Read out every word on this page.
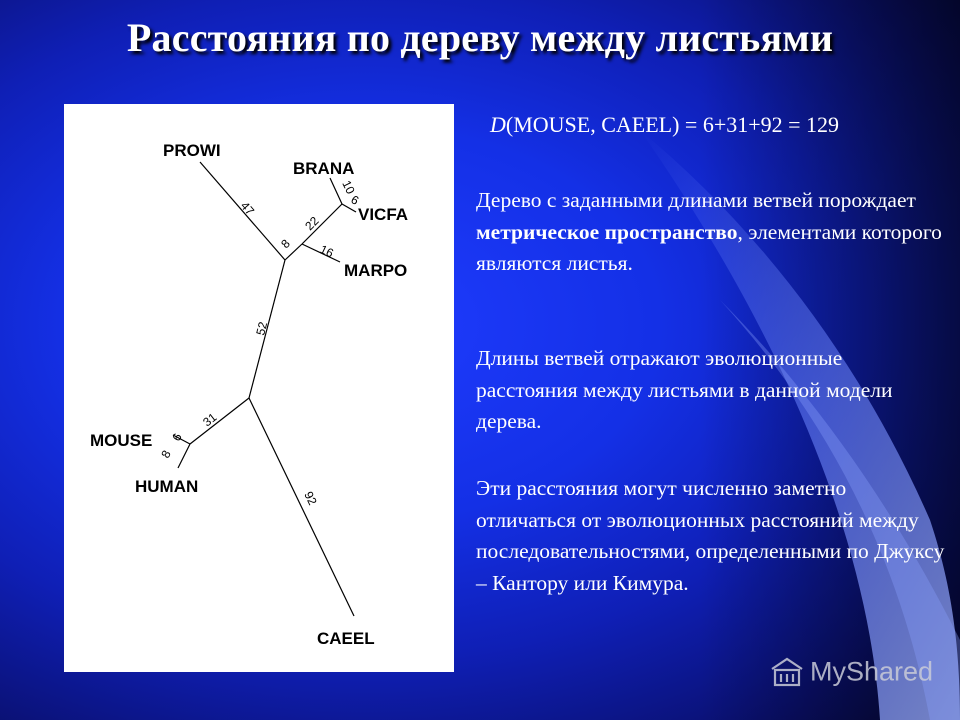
Расстояния по дереву между листьями
PROWI
BRANA
VICFA
MARPO
MOUSE
HUMAN
CAEEL
47
10
6
22
16
8
52
31
6
8
92
D(MOUSE, CAEEL) = 6+31+92 = 129
Дерево с заданными длинами ветвей порождает метрическое пространство, элементами которого являются листья.
Длины ветвей отражают эволюционные расстояния между листьями в данной модели дерева.
Эти расстояния могут численно заметно отличаться от эволюционных расстояний между последовательностями, определенными по Джуксу – Кантору или Кимура.
MyShared
